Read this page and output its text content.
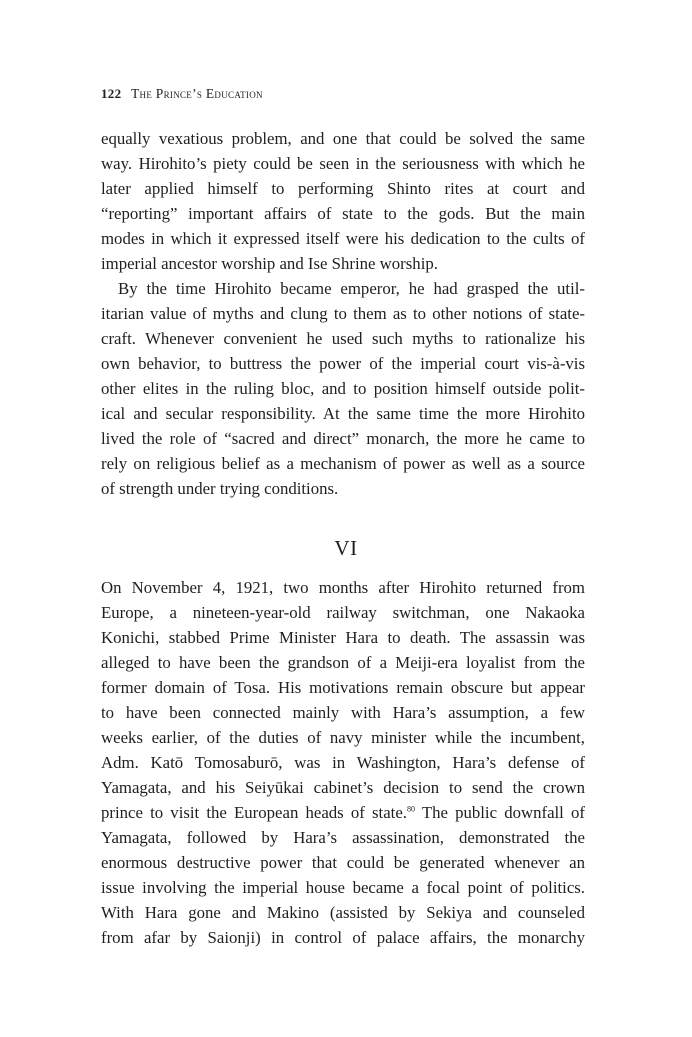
122 The Prince’s Education
equally vexatious problem, and one that could be solved the same
way. Hirohito’s piety could be seen in the seriousness with which he
later applied himself to performing Shinto rites at court and
“reporting” important affairs of state to the gods. But the main
modes in which it expressed itself were his dedication to the cults of
imperial ancestor worship and Ise Shrine worship.
By the time Hirohito became emperor, he had grasped the util-
itarian value of myths and clung to them as to other notions of state-
craft. Whenever convenient he used such myths to rationalize his
own behavior, to buttress the power of the imperial court vis-à-vis
other elites in the ruling bloc, and to position himself outside polit-
ical and secular responsibility. At the same time the more Hirohito
lived the role of “sacred and direct” monarch, the more he came to
rely on religious belief as a mechanism of power as well as a source
of strength under trying conditions.
VI
On November 4, 1921, two months after Hirohito returned from
Europe, a nineteen-year-old railway switchman, one Nakaoka
Konichi, stabbed Prime Minister Hara to death. The assassin was
alleged to have been the grandson of a Meiji-era loyalist from the
former domain of Tosa. His motivations remain obscure but appear
to have been connected mainly with Hara’s assumption, a few
weeks earlier, of the duties of navy minister while the incumbent,
Adm. Katō Tomosaburō, was in Washington, Hara’s defense of
Yamagata, and his Seiyūkai cabinet’s decision to send the crown
prince to visit the European heads of state.$^{80}$ The public downfall of
Yamagata, followed by Hara’s assassination, demonstrated the
enormous destructive power that could be generated whenever an
issue involving the imperial house became a focal point of politics.
With Hara gone and Makino (assisted by Sekiya and counseled
from afar by Saionji) in control of palace affairs, the monarchy
